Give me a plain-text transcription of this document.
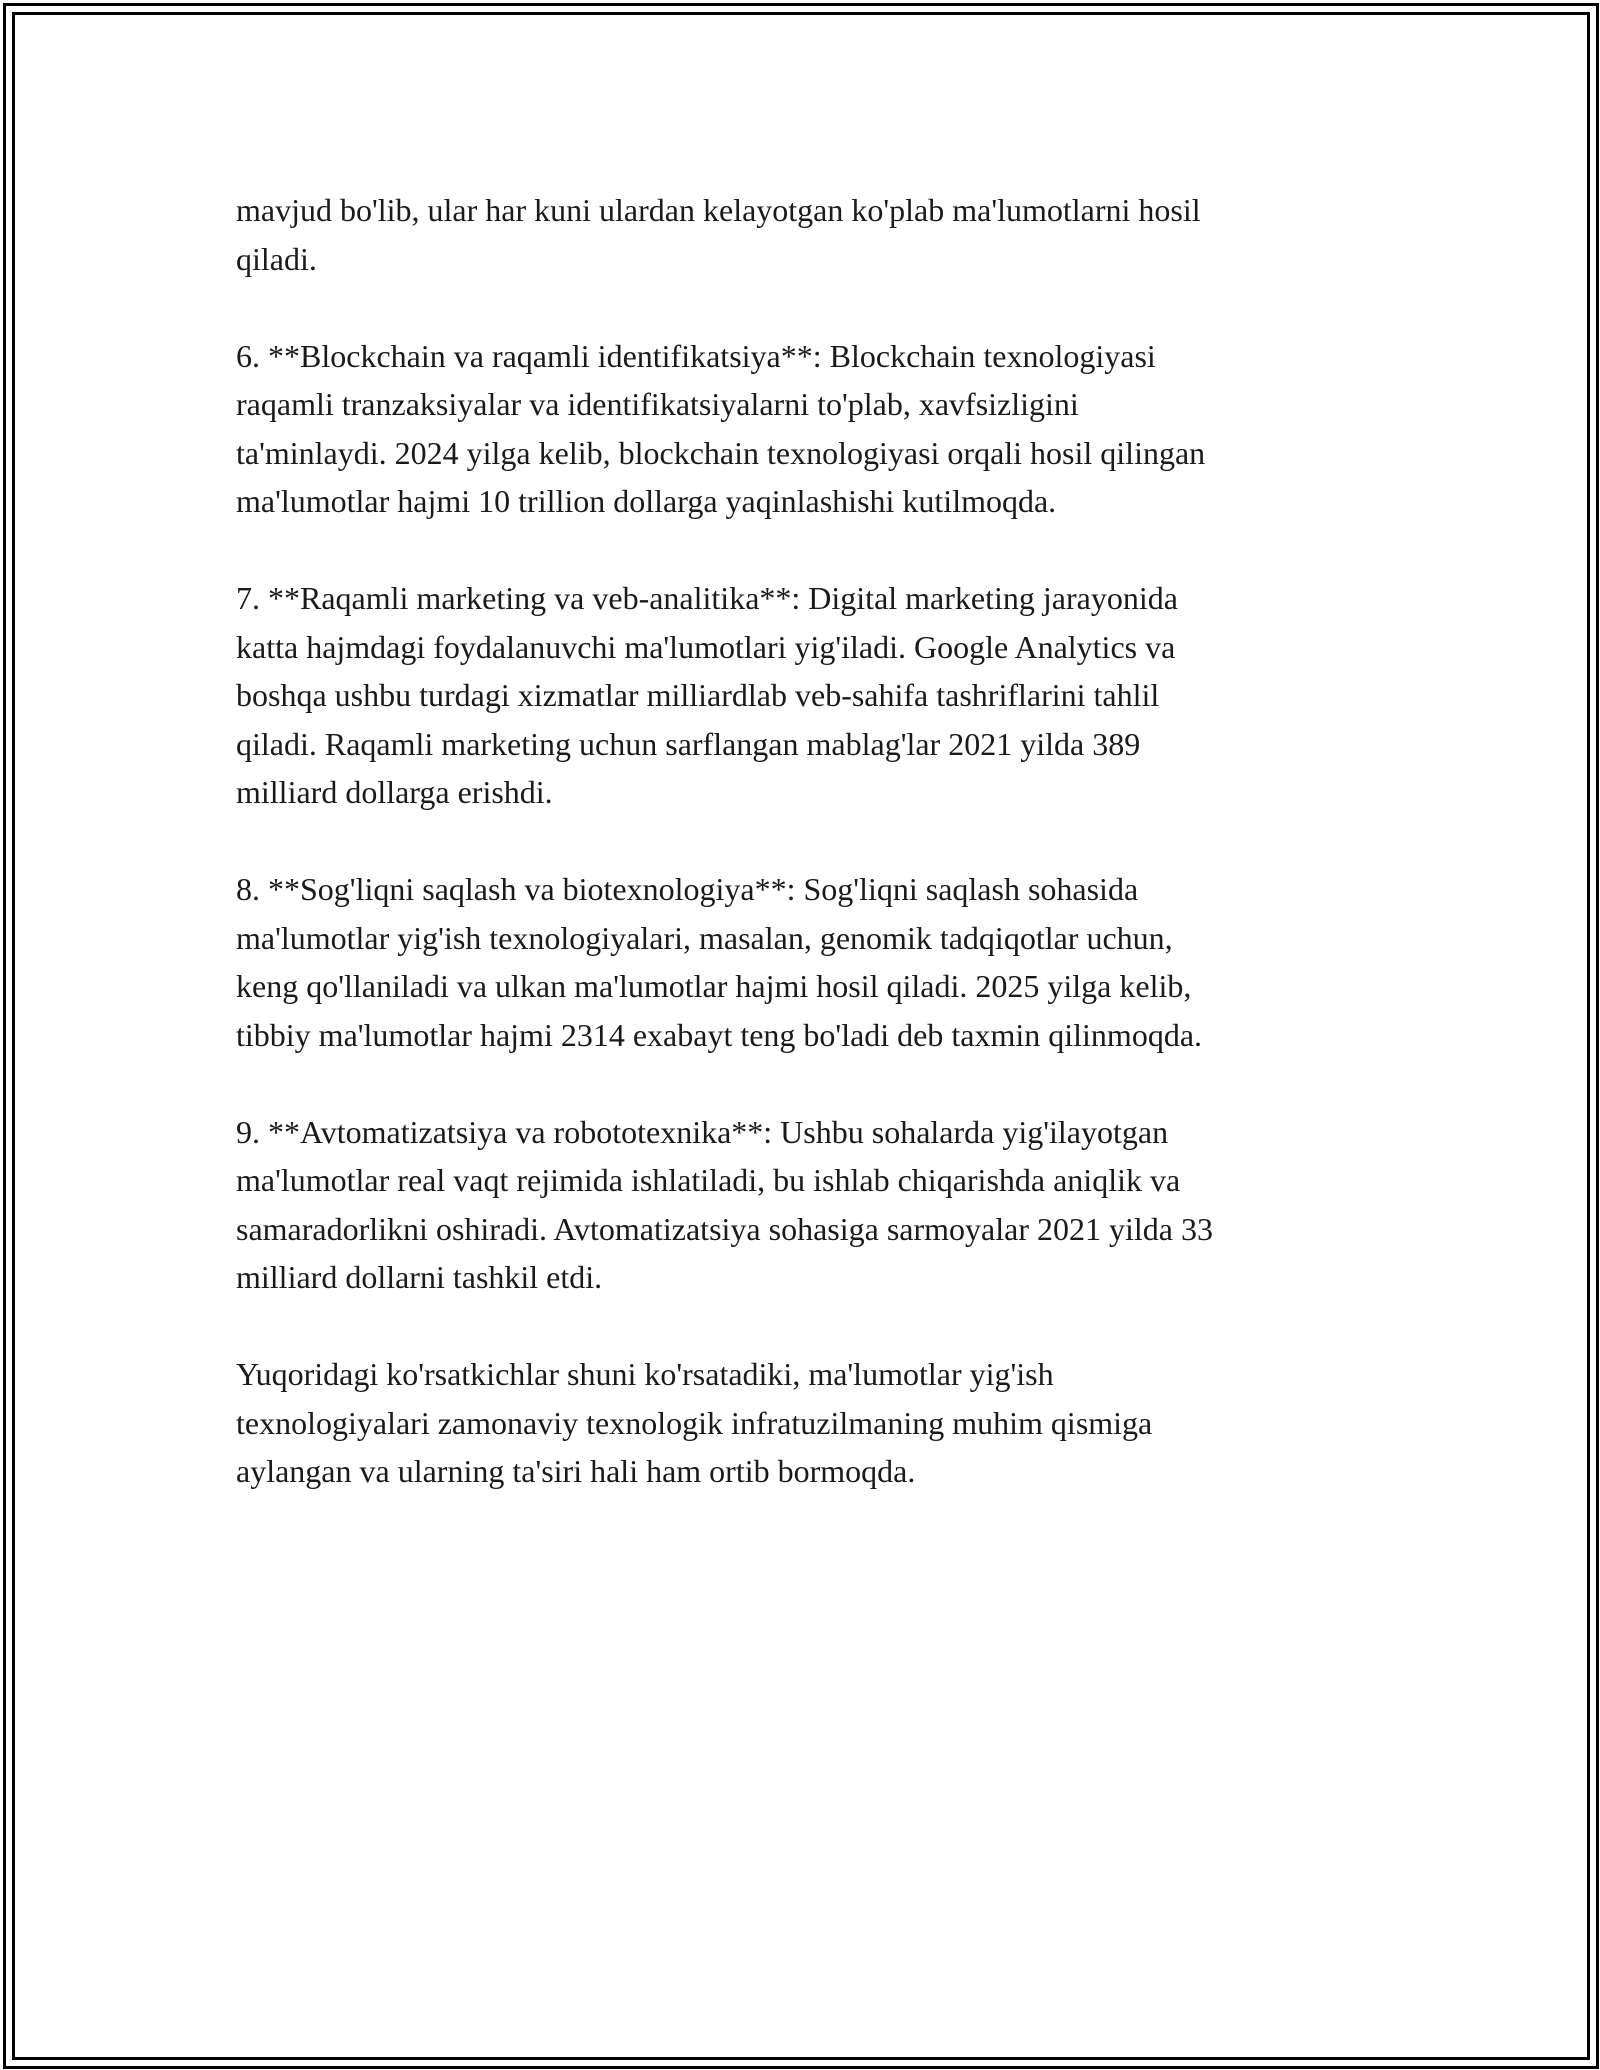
mavjud bo'lib, ular har kuni ulardan kelayotgan ko'plab ma'lumotlarni hosil
qiladi.

6. **Blockchain va raqamli identifikatsiya**: Blockchain texnologiyasi
raqamli tranzaksiyalar va identifikatsiyalarni to'plab, xavfsizligini
ta'minlaydi. 2024 yilga kelib, blockchain texnologiyasi orqali hosil qilingan
ma'lumotlar hajmi 10 trillion dollarga yaqinlashishi kutilmoqda.

7. **Raqamli marketing va veb-analitika**: Digital marketing jarayonida
katta hajmdagi foydalanuvchi ma'lumotlari yig'iladi. Google Analytics va
boshqa ushbu turdagi xizmatlar milliardlab veb-sahifa tashriflarini tahlil
qiladi. Raqamli marketing uchun sarflangan mablag'lar 2021 yilda 389
milliard dollarga erishdi.

8. **Sog'liqni saqlash va biotexnologiya**: Sog'liqni saqlash sohasida
ma'lumotlar yig'ish texnologiyalari, masalan, genomik tadqiqotlar uchun,
keng qo'llaniladi va ulkan ma'lumotlar hajmi hosil qiladi. 2025 yilga kelib,
tibbiy ma'lumotlar hajmi 2314 exabayt teng bo'ladi deb taxmin qilinmoqda.

9. **Avtomatizatsiya va robototexnika**: Ushbu sohalarda yig'ilayotgan
ma'lumotlar real vaqt rejimida ishlatiladi, bu ishlab chiqarishda aniqlik va
samaradorlikni oshiradi. Avtomatizatsiya sohasiga sarmoyalar 2021 yilda 33
milliard dollarni tashkil etdi.

Yuqoridagi ko'rsatkichlar shuni ko'rsatadiki, ma'lumotlar yig'ish
texnologiyalari zamonaviy texnologik infratuzilmaning muhim qismiga
aylangan va ularning ta'siri hali ham ortib bormoqda.
